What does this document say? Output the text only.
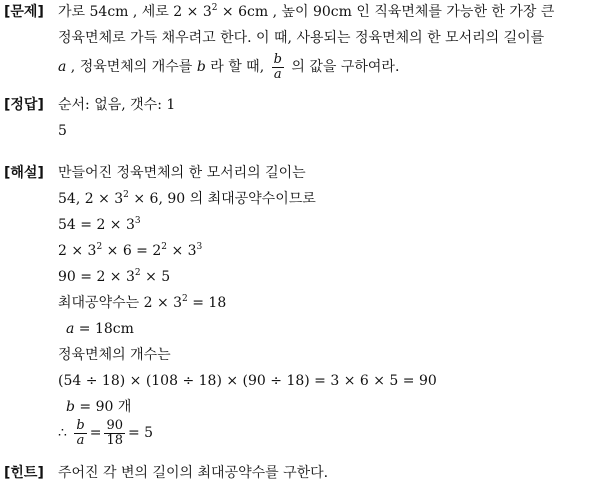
[문제] 가로 54cm , 세로 $2 \times 3^2 \times 6cm$ , 높이 90cm 인 직육면체를 가능한 한 가장 큰
정육면체로 가득 채우려고 한다. 이 때, 사용되는 정육면체의 한 모서리의 길이를
a , 정육면체의 개수를 b 라 할 때, $\frac{b}{a}$ 의 값을 구하여라.
[정답] 순서: 없음, 갯수: 1
5
[해설] 만들어진 정육면체의 한 모서리의 길이는
54, $2 \times 3^2 \times 6$, 90 의 최대공약수이므로
$54 = 2 \times 3^3$
$2 \times 3^2 \times 6 = 2^2 \times 3^3$
$90 = 2 \times 3^2 \times 5$
최대공약수는 $2 \times 3^2 = 18$
a = 18cm
정육면체의 개수는
(54 ÷ 18) × (108 ÷ 18) × (90 ÷ 18) = 3 × 6 × 5 = 90
b = 90 개
∴ $\frac{b}{a} = \frac{90}{18} = 5$
[힌트] 주어진 각 변의 길이의 최대공약수를 구한다.
